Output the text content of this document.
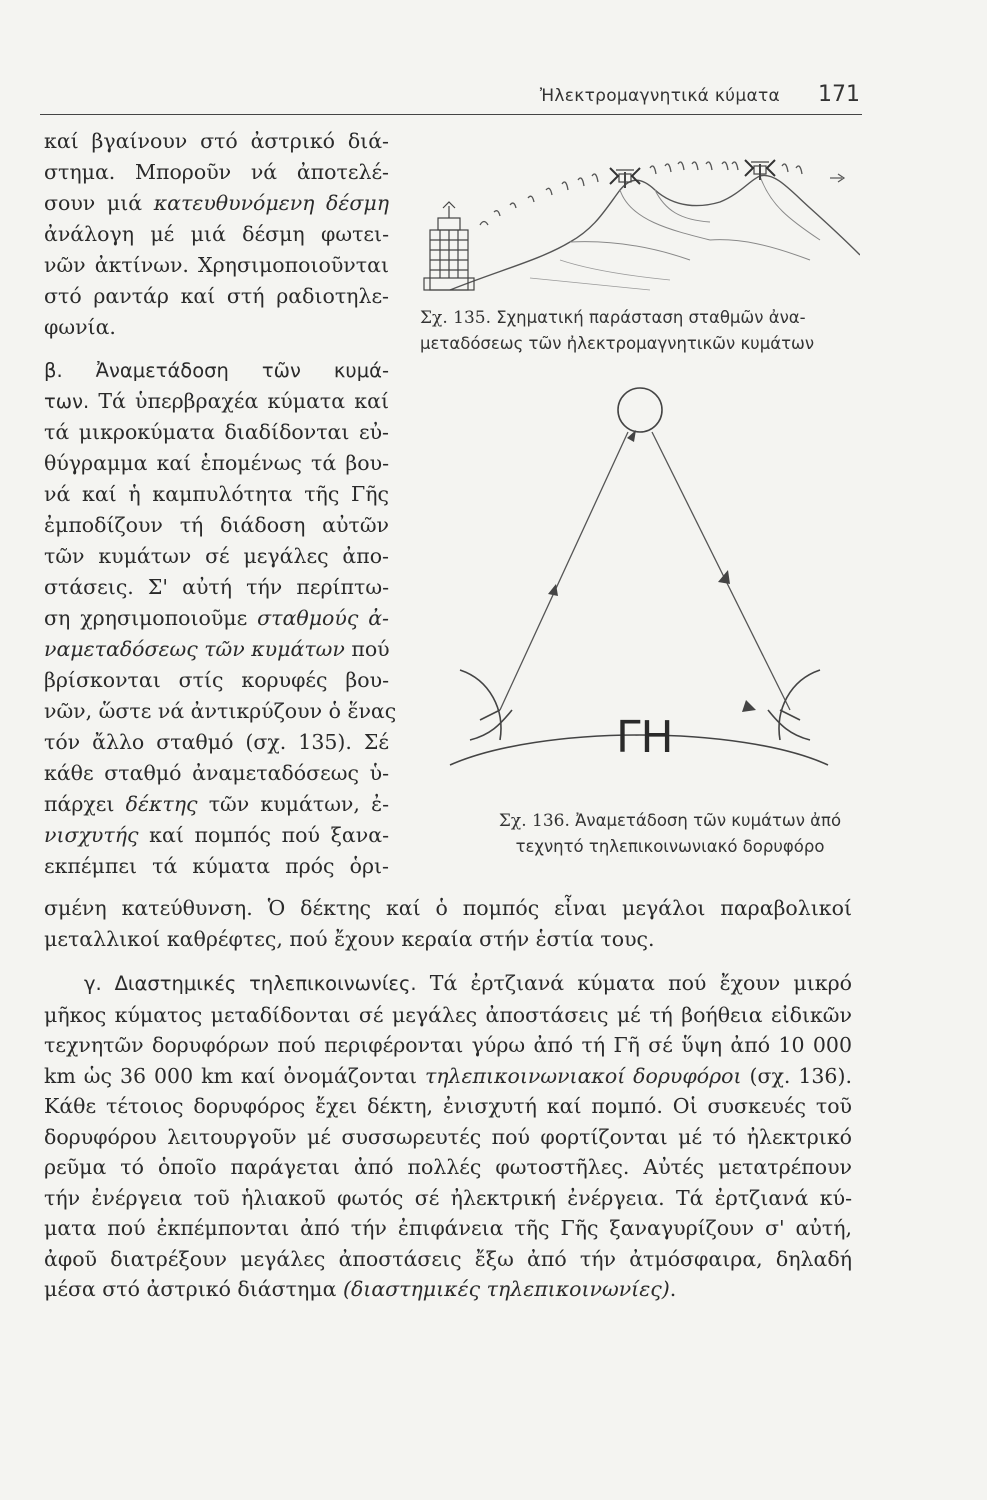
Ἠλεκτρομαγνητικά κύματα 171
καί βγαίνουν στό ἀστρικό διά-
στημα. Μποροῦν νά ἀποτελέ-
σουν μιά κατευθυνόμενη δέσμη
ἀνάλογη μέ μιά δέσμη φωτει-
νῶν ἀκτίνων. Χρησιμοποιοῦνται
στό ραντάρ καί στή ραδιοτηλε-
φωνία.
β. Ἀναμετάδοση τῶν κυμά-
των. Τά ὑπερβραχέα κύματα καί
τά μικροκύματα διαδίδονται εὐ-
θύγραμμα καί ἑπομένως τά βου-
νά καί ἡ καμπυλότητα τῆς Γῆς
ἐμποδίζουν τή διάδοση αὐτῶν
τῶν κυμάτων σέ μεγάλες ἀπο-
στάσεις. Σ' αὐτή τήν περίπτω-
ση χρησιμοποιοῦμε σταθμούς ἀ-
ναμεταδόσεως τῶν κυμάτων πού
βρίσκονται στίς κορυφές βου-
νῶν, ὥστε νά ἀντικρύζουν ὁ ἕνας
τόν ἄλλο σταθμό (σχ. 135). Σέ
κάθε σταθμό ἀναμεταδόσεως ὑ-
πάρχει δέκτης τῶν κυμάτων, ἐ-
νισχυτής καί πομπός πού ξανα-
εκπέμπει τά κύματα πρός ὁρι-
Σχ. 135. Σχηματική παράσταση σταθμῶν ἀνα-
μεταδόσεως τῶν ἠλεκτρομαγνητικῶν κυμάτων
ΓΗ
Σχ. 136. Ἀναμετάδοση τῶν κυμάτων ἀπό
τεχνητό τηλεπικοινωνιακό δορυφόρο
σμένη κατεύθυνση. Ὁ δέκτης καί ὁ πομπός εἶναι μεγάλοι παραβολικοί
μεταλλικοί καθρέφτες, πού ἔχουν κεραία στήν ἑστία τους.
γ. Διαστημικές τηλεπικοινωνίες. Τά ἐρτζιανά κύματα πού ἔχουν μικρό
μῆκος κύματος μεταδίδονται σέ μεγάλες ἀποστάσεις μέ τή βοήθεια εἰδικῶν
τεχνητῶν δορυφόρων πού περιφέρονται γύρω ἀπό τή Γῆ σέ ὕψη ἀπό 10 000
km ὡς 36 000 km καί ὀνομάζονται τηλεπικοινωνιακοί δορυφόροι (σχ. 136).
Κάθε τέτοιος δορυφόρος ἔχει δέκτη, ἐνισχυτή καί πομπό. Οἱ συσκευές τοῦ
δορυφόρου λειτουργοῦν μέ συσσωρευτές πού φορτίζονται μέ τό ἠλεκτρικό
ρεῦμα τό ὁποῖο παράγεται ἀπό πολλές φωτοστῆλες. Αὐτές μετατρέπουν
τήν ἐνέργεια τοῦ ἡλιακοῦ φωτός σέ ἠλεκτρική ἐνέργεια. Τά ἐρτζιανά κύ-
ματα πού ἐκπέμπονται ἀπό τήν ἐπιφάνεια τῆς Γῆς ξαναγυρίζουν σ' αὐτή,
ἀφοῦ διατρέξουν μεγάλες ἀποστάσεις ἔξω ἀπό τήν ἀτμόσφαιρα, δηλαδή
μέσα στό ἀστρικό διάστημα (διαστημικές τηλεπικοινωνίες).
